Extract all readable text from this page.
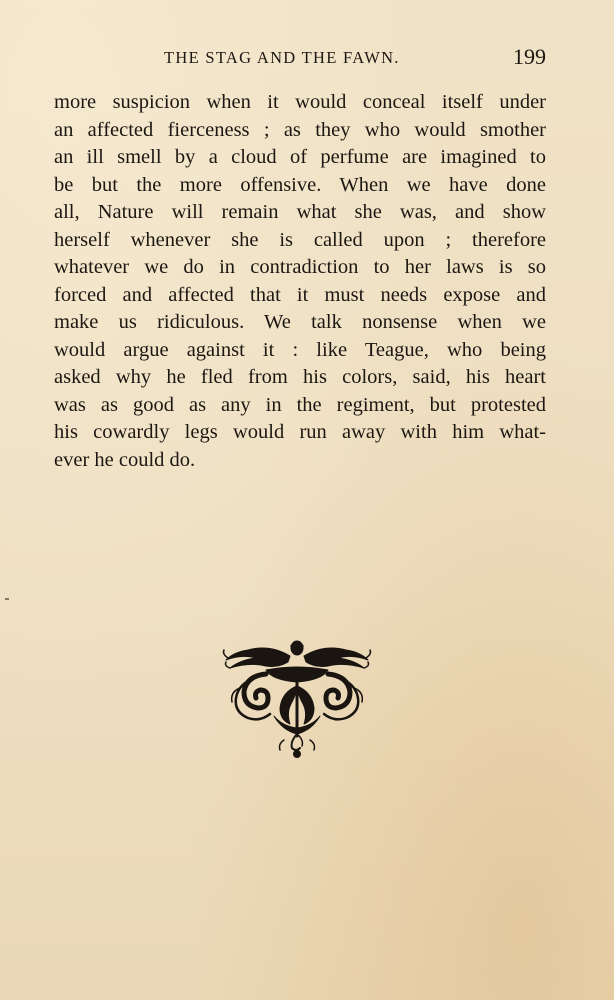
THE STAG AND THE FAWN.	199
more suspicion when it would conceal itself under
an affected fierceness ; as they who would smother
an ill smell by a cloud of perfume are imagined to
be but the more offensive. When we have done
all, Nature will remain what she was, and show
herself whenever she is called upon ; therefore
whatever we do in contradiction to her laws is so
forced and affected that it must needs expose and
make us ridiculous. We talk nonsense when we
would argue against it : like Teague, who being
asked why he fled from his colors, said, his heart
was as good as any in the regiment, but protested
his cowardly legs would run away with him what-
ever he could do.
